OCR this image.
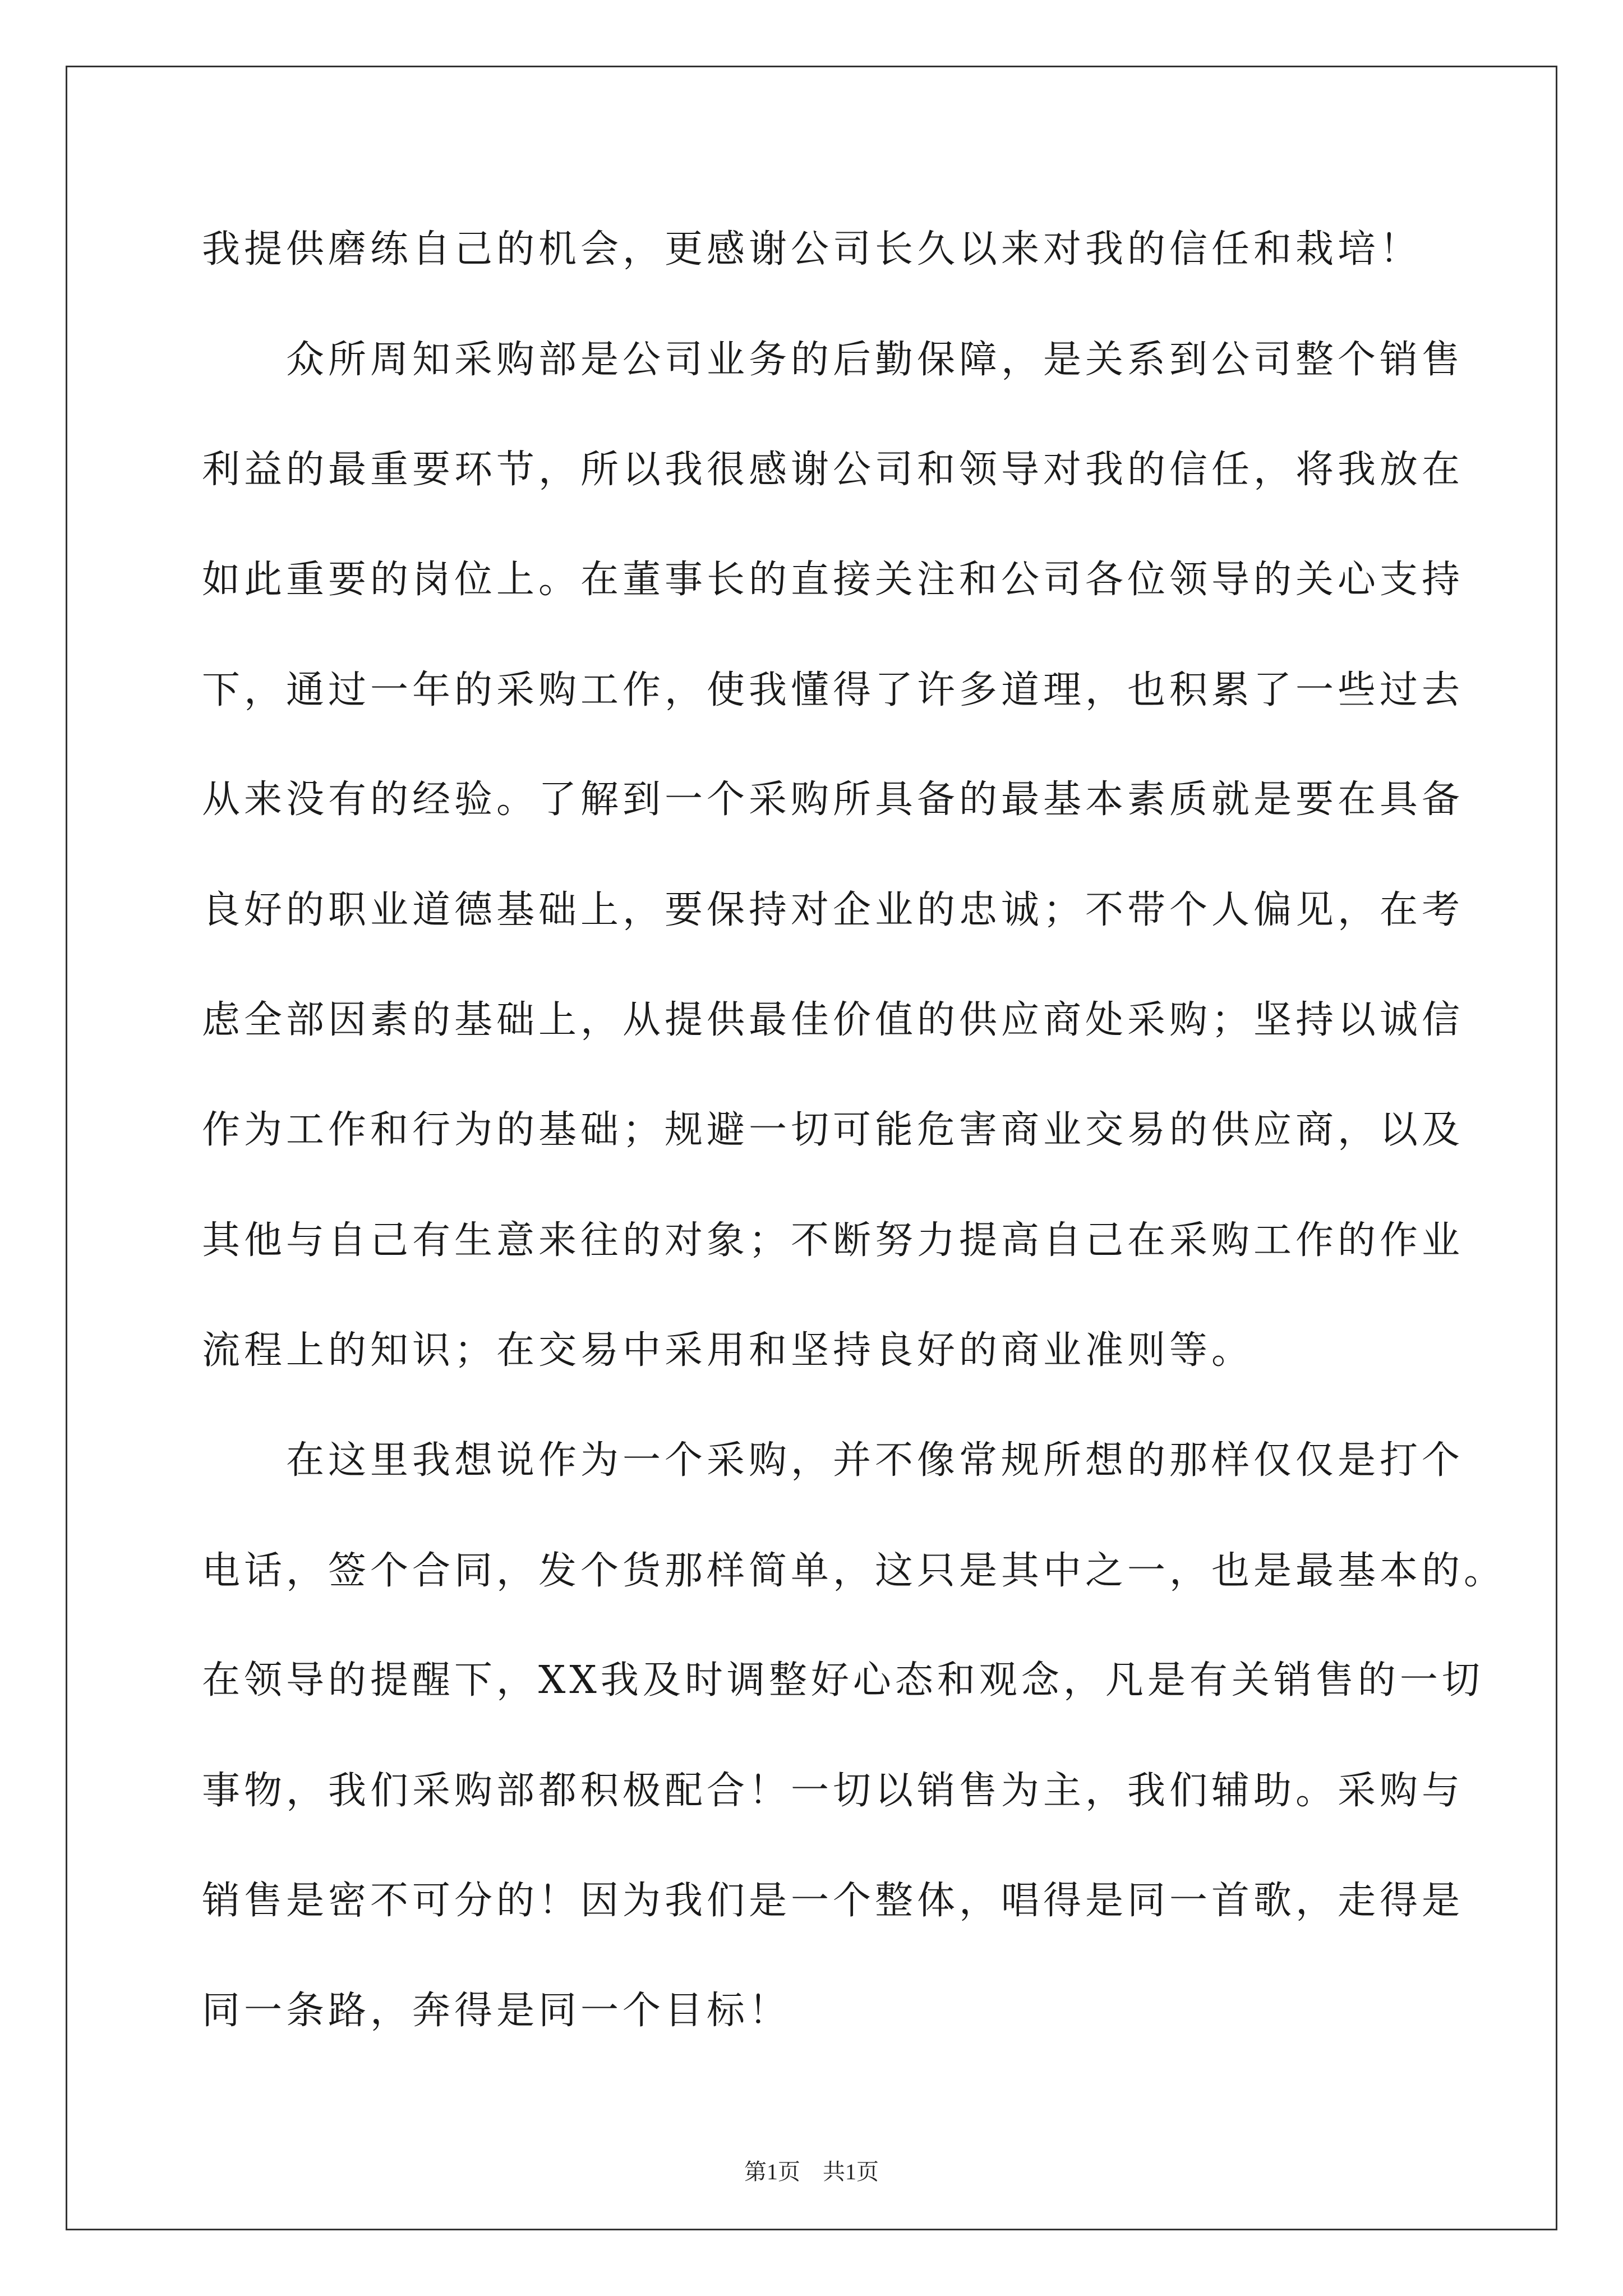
我提供磨练自己的机会，更感谢公司长久以来对我的信任和栽培！
　　众所周知采购部是公司业务的后勤保障，是关系到公司整个销售
利益的最重要环节，所以我很感谢公司和领导对我的信任，将我放在
如此重要的岗位上。在董事长的直接关注和公司各位领导的关心支持
下，通过一年的采购工作，使我懂得了许多道理，也积累了一些过去
从来没有的经验。了解到一个采购所具备的最基本素质就是要在具备
良好的职业道德基础上，要保持对企业的忠诚；不带个人偏见，在考
虑全部因素的基础上，从提供最佳价值的供应商处采购；坚持以诚信
作为工作和行为的基础；规避一切可能危害商业交易的供应商，以及
其他与自己有生意来往的对象；不断努力提高自己在采购工作的作业
流程上的知识；在交易中采用和坚持良好的商业准则等。
　　在这里我想说作为一个采购，并不像常规所想的那样仅仅是打个
电话，签个合同，发个货那样简单，这只是其中之一，也是最基本的。
在领导的提醒下，XX我及时调整好心态和观念，凡是有关销售的一切
事物，我们采购部都积极配合！一切以销售为主，我们辅助。采购与
销售是密不可分的！因为我们是一个整体，唱得是同一首歌，走得是
同一条路，奔得是同一个目标！
第1页　共1页
